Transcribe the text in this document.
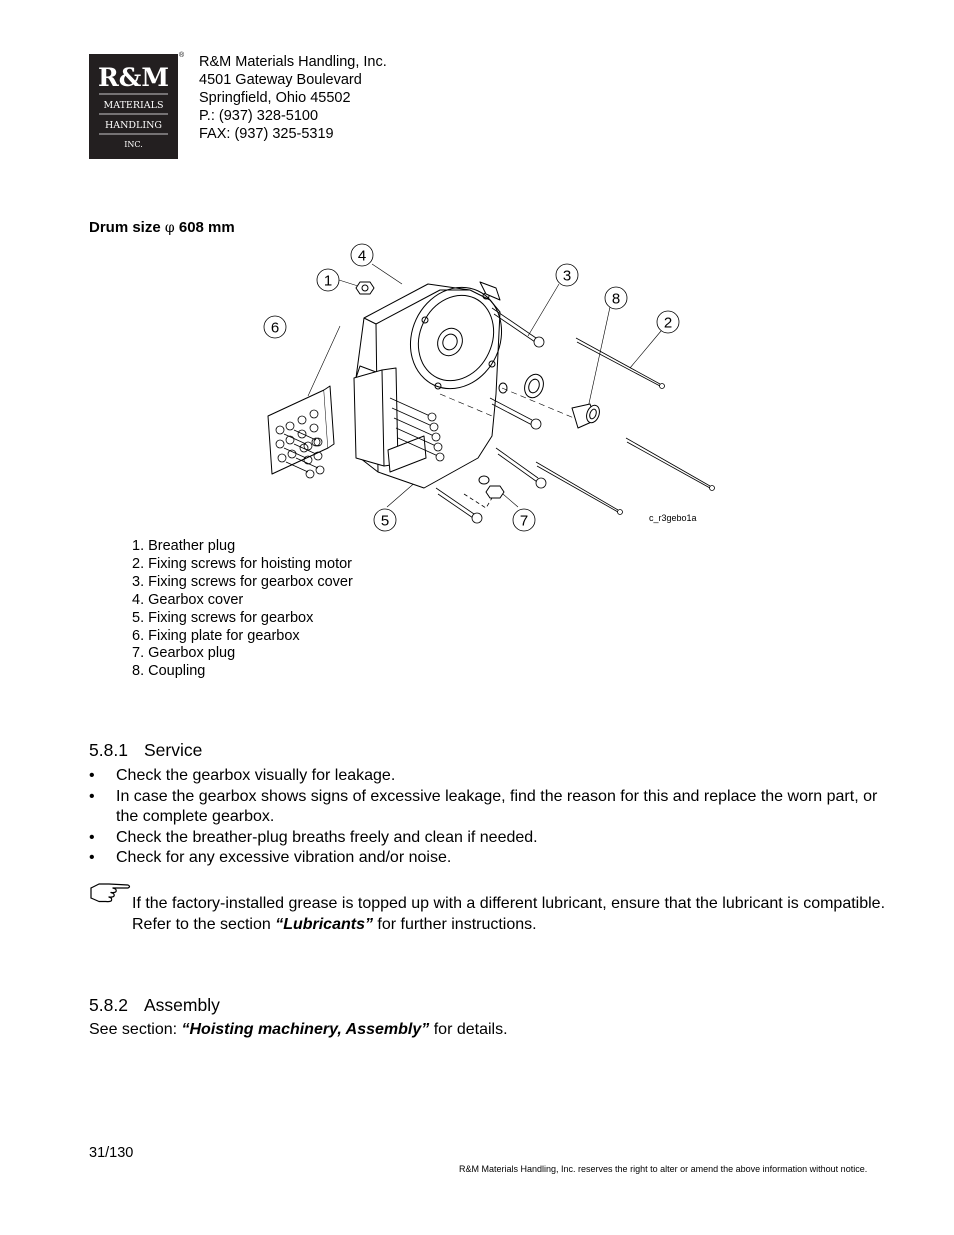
R&M
MATERIALS
HANDLING
INC.
® R&M Materials Handling, Inc.
4501 Gateway Boulevard
Springfield, Ohio 45502
P.: (937) 328-5100
FAX: (937) 325-5319
Drum size φ 608 mm
1
2
3
4
5
6
7
8
c_r3gebo1a
1. Breather plug
2. Fixing screws for hoisting motor
3. Fixing screws for gearbox cover
4. Gearbox cover
5. Fixing screws for gearbox
6. Fixing plate for gearbox
7. Gearbox plug
8. Coupling
5.8.1 Service
•	Check the gearbox visually for leakage.
•	In case the gearbox shows signs of excessive leakage, find the reason for this and replace the worn part, or the complete gearbox.
•	Check the breather-plug breaths freely and clean if needed.
•	Check for any excessive vibration and/or noise.
If the factory-installed grease is topped up with a different lubricant, ensure that the lubricant is compatible. Refer to the section “Lubricants” for further instructions.
5.8.2 Assembly
See section: “Hoisting machinery, Assembly” for details.
31/130
R&M Materials Handling, Inc. reserves the right to alter or amend the above information without notice.
